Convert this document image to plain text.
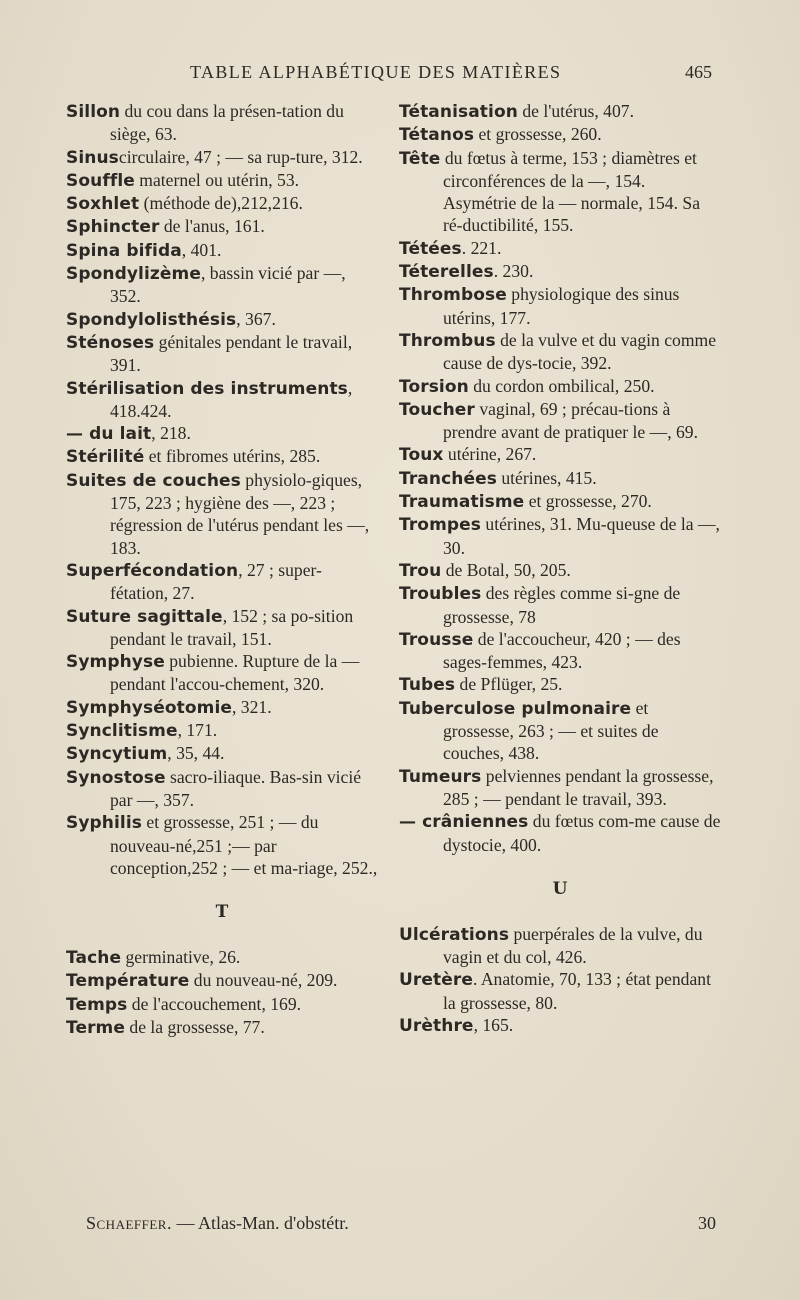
TABLE ALPHABÉTIQUE DES MATIÈRES	465

Sillon du cou dans la présen-tation du siège, 63.

Sinuscirculaire, 47 ; — sa rup-ture, 312.

Souffle maternel ou utérin, 53.

Soxhlet (méthode de),212,216.

Sphincter de l'anus, 161.

Spina bifida, 401.

Spondylizème, bassin vicié par —, 352.

Spondylolisthésis, 367.

Sténoses génitales pendant le travail, 391.

Stérilisation des instruments, 418.424.

— du lait, 218.

Stérilité et fibromes utérins, 285.

Suites de couches physiolo-giques, 175, 223 ; hygiène des —, 223 ; régression de l'utérus pendant les —, 183.

Superfécondation, 27 ; super-fétation, 27.

Suture sagittale, 152 ; sa po-sition pendant le travail, 151.

Symphyse pubienne. Rupture de la — pendant l'accou-chement, 320.

Symphyséotomie, 321.

Synclitisme, 171.

Syncytium, 35, 44.

Synostose sacro-iliaque. Bas-sin vicié par —, 357.

Syphilis et grossesse, 251 ; — du nouveau-né,251 ;— par conception,252 ; — et ma-riage, 252.,

T

Tache germinative, 26.

Température du nouveau-né, 209.

Temps de l'accouchement, 169.

Terme de la grossesse, 77.

Tétanisation de l'utérus, 407.

Tétanos et grossesse, 260.

Tête du fœtus à terme, 153 ; diamètres et circonférences de la —, 154. Asymétrie de la — normale, 154. Sa ré-ductibilité, 155.

Tétées. 221.

Téterelles. 230.

Thrombose physiologique des sinus utérins, 177.

Thrombus de la vulve et du vagin comme cause de dys-tocie, 392.

Torsion du cordon ombilical, 250.

Toucher vaginal, 69 ; précau-tions à prendre avant de pratiquer le —, 69.

Toux utérine, 267.

Tranchées utérines, 415.

Traumatisme et grossesse, 270.

Trompes utérines, 31. Mu-queuse de la —, 30.

Trou de Botal, 50, 205.

Troubles des règles comme si-gne de grossesse, 78

Trousse de l'accoucheur, 420 ; — des sages-femmes, 423.

Tubes de Pflüger, 25.

Tuberculose pulmonaire et grossesse, 263 ; — et suites de couches, 438.

Tumeurs pelviennes pendant la grossesse, 285 ; — pendant le travail, 393.

— crâniennes du fœtus com-me cause de dystocie, 400.

U

Ulcérations puerpérales de la vulve, du vagin et du col, 426.

Uretère. Anatomie, 70, 133 ; état pendant la grossesse, 80.

Urèthre, 165.

Schaeffer. — Atlas-Man. d'obstétr.	30
